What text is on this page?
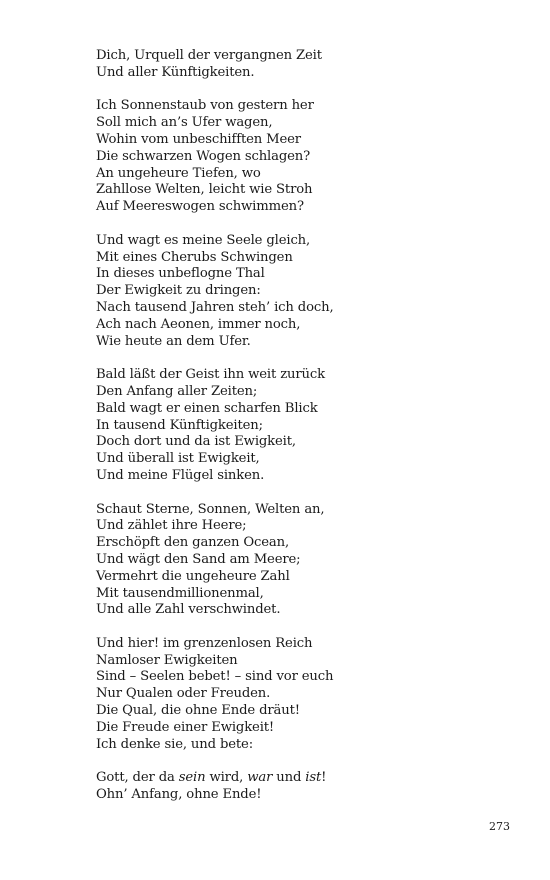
Dich, Urquell der vergangnen Zeit
Und aller Künftigkeiten.
Ich Sonnenstaub von gestern her
Soll mich an’s Ufer wagen,
Wohin vom unbeschifften Meer
Die schwarzen Wogen schlagen?
An ungeheure Tiefen, wo
Zahllose Welten, leicht wie Stroh
Auf Meereswogen schwimmen?
Und wagt es meine Seele gleich,
Mit eines Cherubs Schwingen
In dieses unbeflogne Thal
Der Ewigkeit zu dringen:
Nach tausend Jahren steh’ ich doch,
Ach nach Aeonen, immer noch,
Wie heute an dem Ufer.
Bald läßt der Geist ihn weit zurück
Den Anfang aller Zeiten;
Bald wagt er einen scharfen Blick
In tausend Künftigkeiten;
Doch dort und da ist Ewigkeit,
Und überall ist Ewigkeit,
Und meine Flügel sinken.
Schaut Sterne, Sonnen, Welten an,
Und zählet ihre Heere;
Erschöpft den ganzen Ocean,
Und wägt den Sand am Meere;
Vermehrt die ungeheure Zahl
Mit tausendmillionenmal,
Und alle Zahl verschwindet.
Und hier! im grenzenlosen Reich
Namloser Ewigkeiten
Sind – Seelen bebet! – sind vor euch
Nur Qualen oder Freuden.
Die Qual, die ohne Ende dräut!
Die Freude einer Ewigkeit!
Ich denke sie, und bete:
Gott, der da sein wird, war und ist!
Ohn’ Anfang, ohne Ende!
273
